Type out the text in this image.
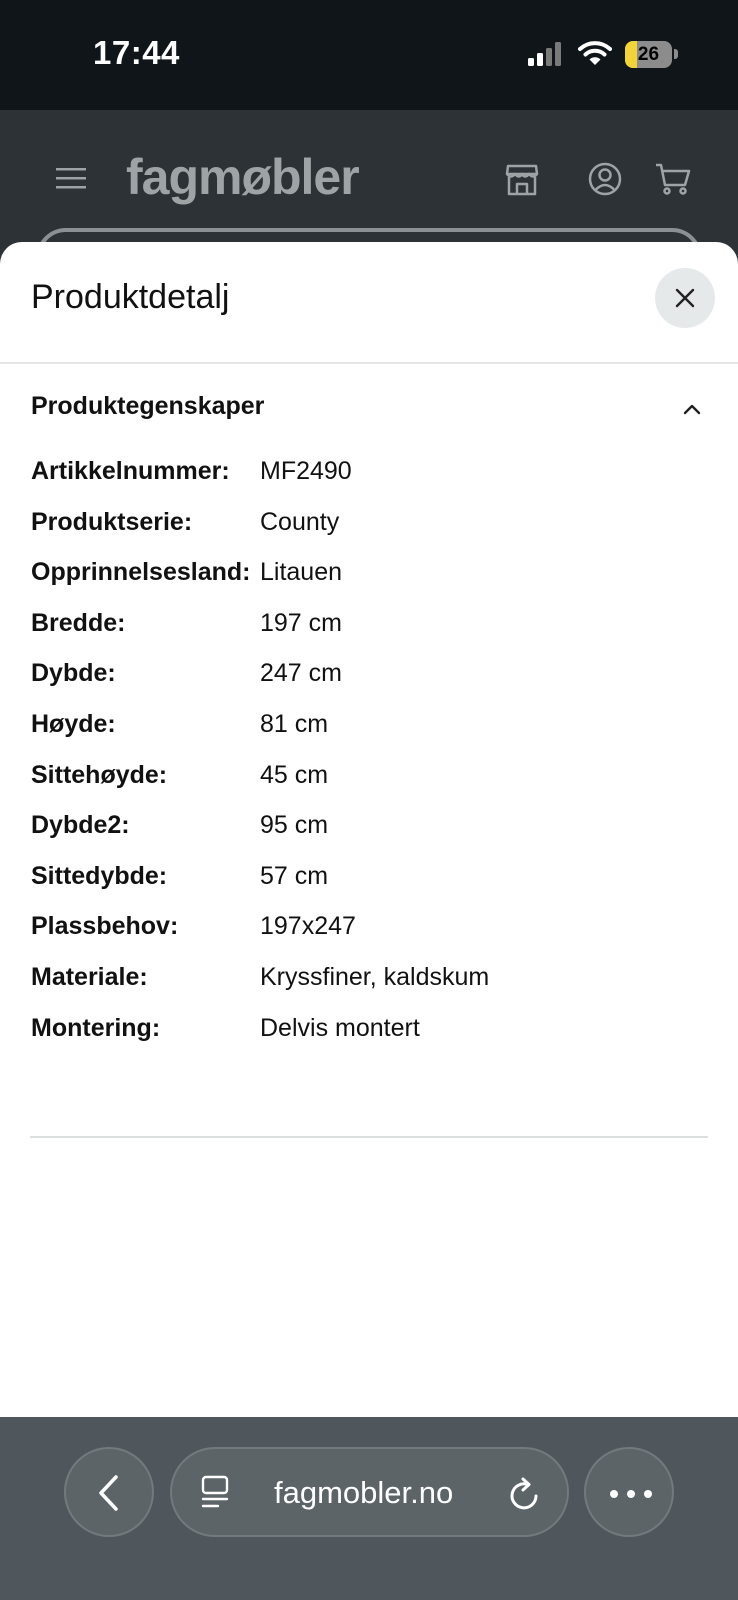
17:44	26
fagmøbler
Produktdetalj
Produktegenskaper
Artikkelnummer: MF2490
Produktserie:	County
Opprinnelsesland: Litauen
Bredde:	197 cm
Dybde:	247 cm
Høyde:	81 cm
Sittehøyde:	45 cm
Dybde2:	95 cm
Sittedybde:	57 cm
Plassbehov:	197x247
Materiale:	Kryssfiner, kaldskum
Montering:	Delvis montert
fagmobler.no
